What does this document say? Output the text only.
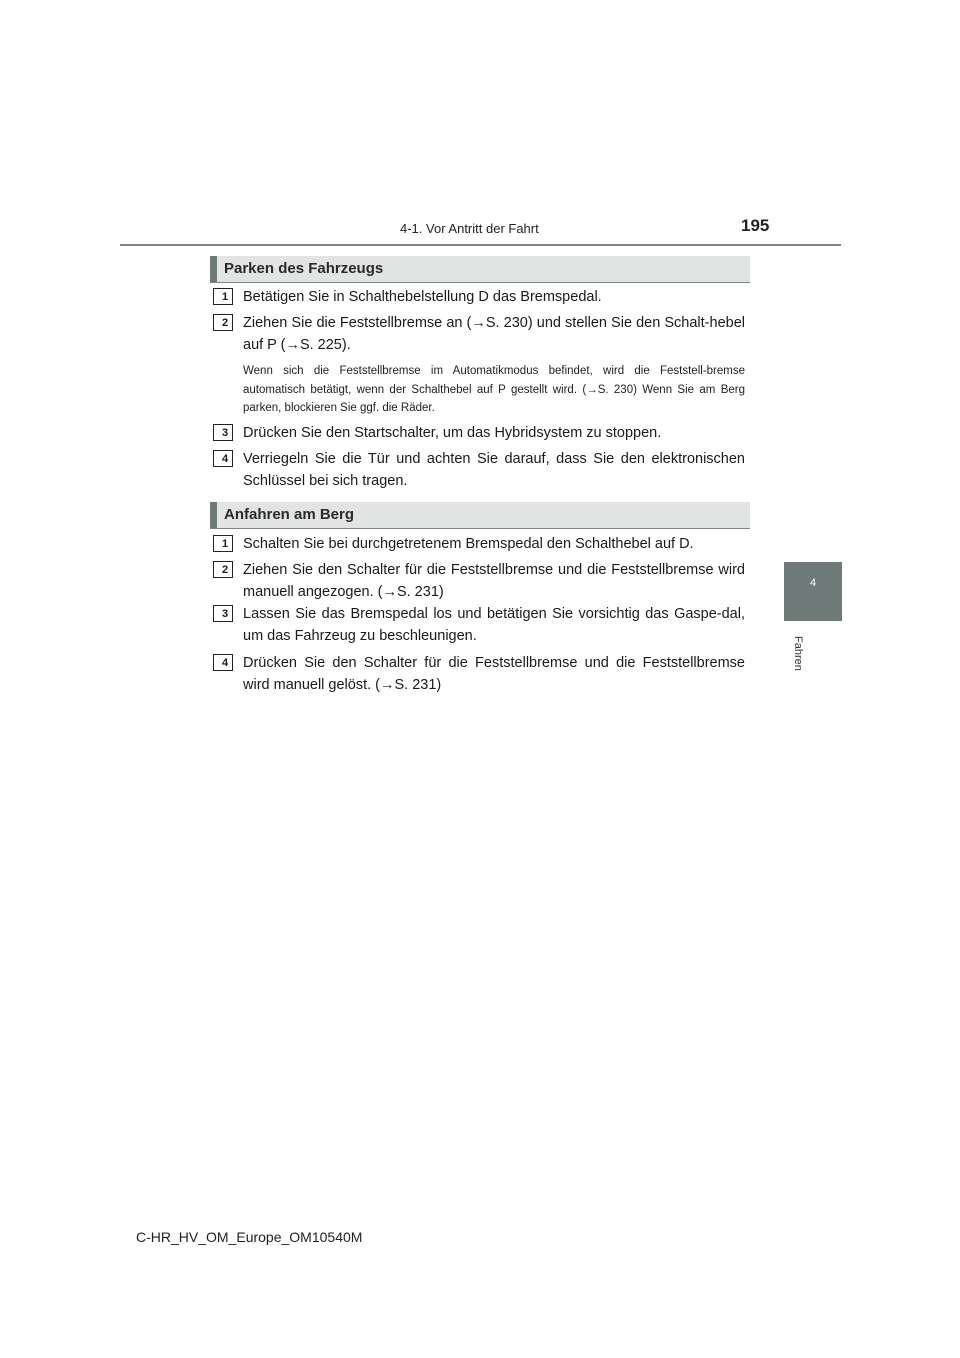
4-1. Vor Antritt der Fahrt	195
4
Fahren
Parken des Fahrzeugs
1	Betätigen Sie in Schalthebelstellung D das Bremspedal.
2	Ziehen Sie die Feststellbremse an (→S. 230) und stellen Sie den Schalt-hebel auf P (→S. 225).
Wenn sich die Feststellbremse im Automatikmodus befindet, wird die Feststell-bremse automatisch betätigt, wenn der Schalthebel auf P gestellt wird. (→S. 230) Wenn Sie am Berg parken, blockieren Sie ggf. die Räder.
3	Drücken Sie den Startschalter, um das Hybridsystem zu stoppen.
4	Verriegeln Sie die Tür und achten Sie darauf, dass Sie den elektronischen Schlüssel bei sich tragen.
Anfahren am Berg
1	Schalten Sie bei durchgetretenem Bremspedal den Schalthebel auf D.
2	Ziehen Sie den Schalter für die Feststellbremse und die Feststellbremse wird manuell angezogen. (→S. 231)
3	Lassen Sie das Bremspedal los und betätigen Sie vorsichtig das Gaspe-dal, um das Fahrzeug zu beschleunigen.
4	Drücken Sie den Schalter für die Feststellbremse und die Feststellbremse wird manuell gelöst. (→S. 231)
C-HR_HV_OM_Europe_OM10540M
